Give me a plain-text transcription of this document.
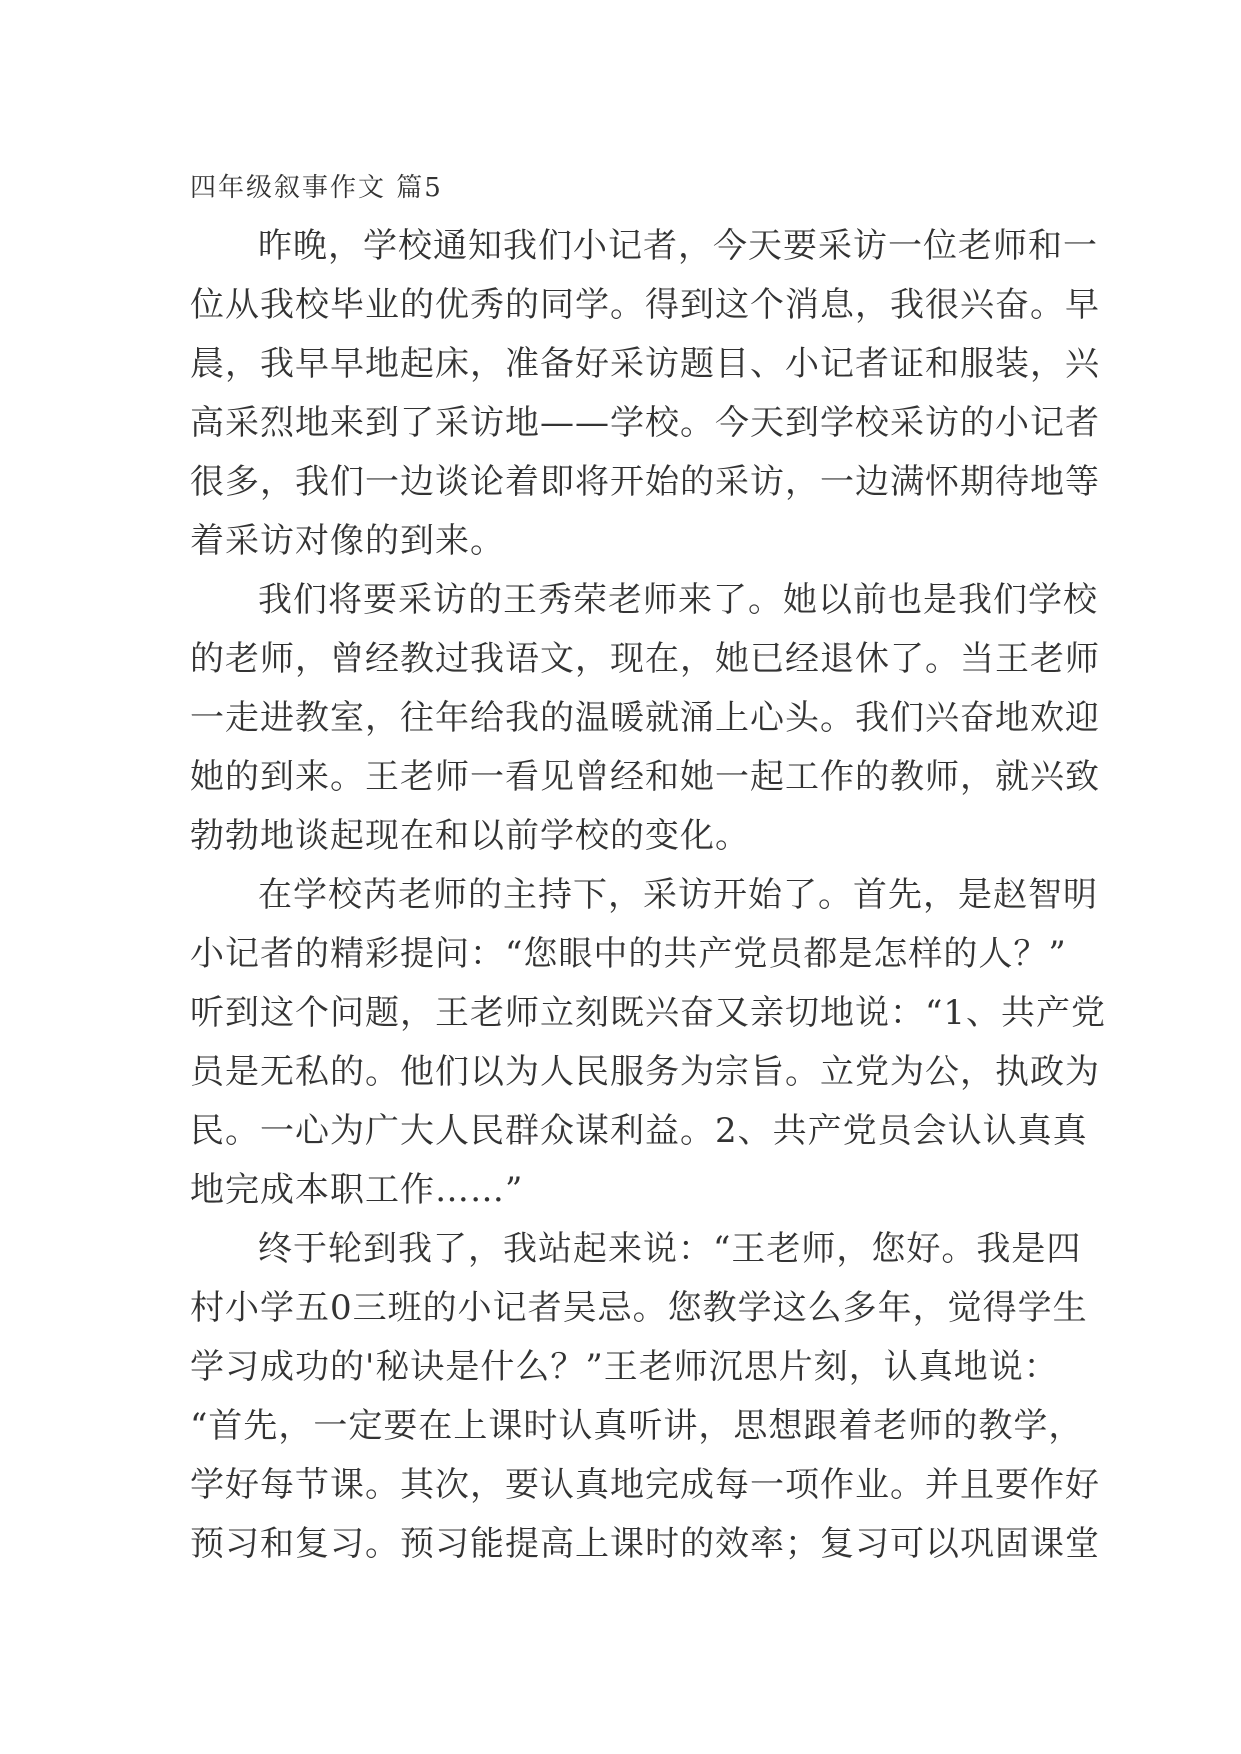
四年级叙事作文 篇5
昨晚，学校通知我们小记者，今天要采访一位老师和一
位从我校毕业的优秀的同学。得到这个消息，我很兴奋。早
晨，我早早地起床，准备好采访题目、小记者证和服装，兴
高采烈地来到了采访地——学校。今天到学校采访的小记者
很多，我们一边谈论着即将开始的采访，一边满怀期待地等
着采访对像的到来。
我们将要采访的王秀荣老师来了。她以前也是我们学校
的老师，曾经教过我语文，现在，她已经退休了。当王老师
一走进教室，往年给我的温暖就涌上心头。我们兴奋地欢迎
她的到来。王老师一看见曾经和她一起工作的教师，就兴致
勃勃地谈起现在和以前学校的变化。
在学校芮老师的主持下，采访开始了。首先，是赵智明
小记者的精彩提问：“您眼中的共产党员都是怎样的人？”
听到这个问题，王老师立刻既兴奋又亲切地说：“1、共产党
员是无私的。他们以为人民服务为宗旨。立党为公，执政为
民。一心为广大人民群众谋利益。2、共产党员会认认真真
地完成本职工作……”
终于轮到我了，我站起来说：“王老师，您好。我是四
村小学五0三班的小记者吴忌。您教学这么多年，觉得学生
学习成功的'秘诀是什么？”王老师沉思片刻，认真地说：
“首先，一定要在上课时认真听讲，思想跟着老师的教学，
学好每节课。其次，要认真地完成每一项作业。并且要作好
预习和复习。预习能提高上课时的效率；复习可以巩固课堂
